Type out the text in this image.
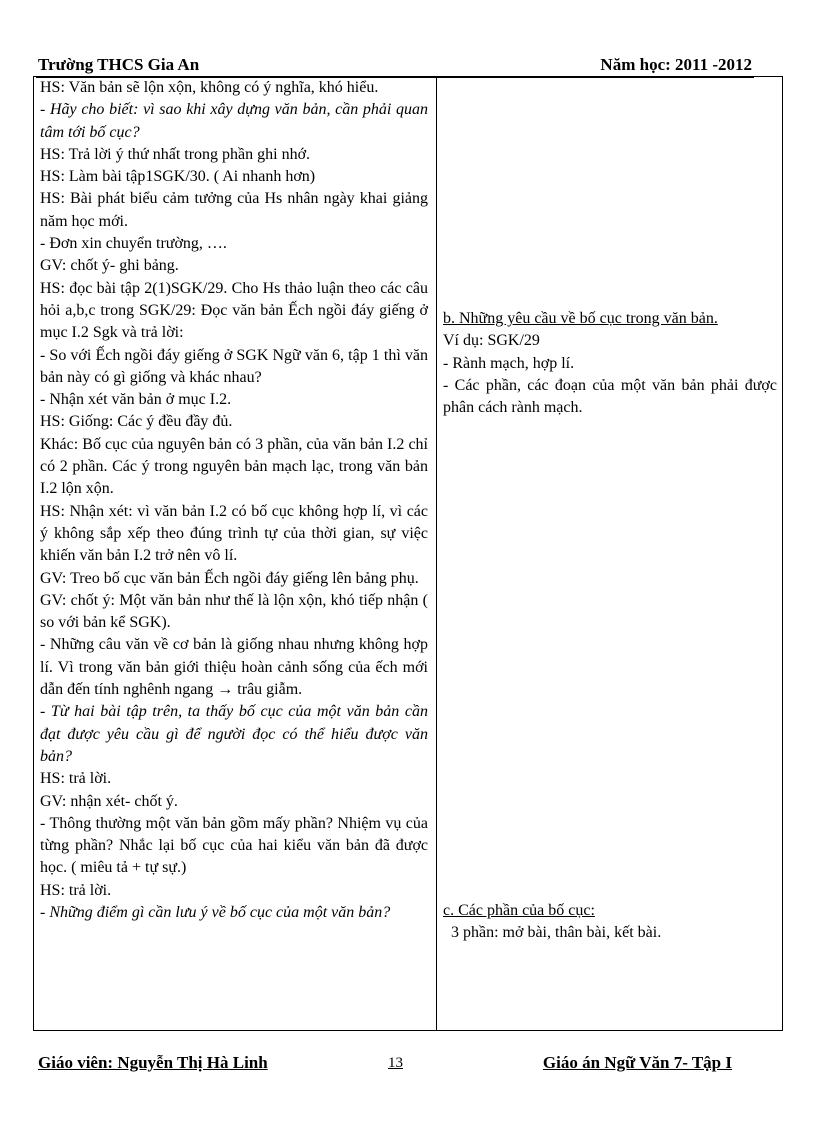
Trường THCS Gia An	Năm học: 2011 -2012
HS: Văn bản sẽ lộn xộn, không có ý nghĩa, khó hiểu.
- Hãy cho biết: vì sao khi xây dựng văn bản, cần phải quan tâm tới bố cục?
HS: Trả lời ý thứ nhất trong phần ghi nhớ.
HS: Làm bài tập1SGK/30. ( Ai nhanh hơn)
HS: Bài phát biểu cảm tưởng của Hs nhân ngày khai giảng năm học mới.
- Đơn xin chuyển trường, ….
GV: chốt ý- ghi bảng.
HS: đọc bài tập 2(1)SGK/29. Cho Hs thảo luận theo các câu hỏi a,b,c trong SGK/29: Đọc văn bản Ếch ngồi đáy giếng ở mục I.2 Sgk và trả lời:
- So với Ếch ngồi đáy giếng ở SGK Ngữ văn 6, tập 1 thì văn bản này có gì giống và khác nhau?
- Nhận xét văn bản ở mục I.2.
HS: Giống: Các ý đều đầy đủ.
Khác: Bố cục của nguyên bản có 3 phần, của văn bản I.2 chỉ có 2 phần. Các ý trong nguyên bản mạch lạc, trong văn bản I.2 lộn xộn.
HS: Nhận xét: vì văn bản I.2 có bố cục không hợp lí, vì các ý không sắp xếp theo đúng trình tự của thời gian, sự việc khiến văn bản I.2 trở nên vô lí.
GV: Treo bố cục văn bản Ếch ngồi đáy giếng lên bảng phụ.
GV: chốt ý: Một văn bản như thế là lộn xộn, khó tiếp nhận ( so với bản kể SGK).
- Những câu văn về cơ bản là giống nhau nhưng không hợp lí. Vì trong văn bản giới thiệu hoàn cảnh sống của ếch mới dẫn đến tính nghênh ngang → trâu giẫm.
- Từ hai bài tập trên, ta thấy bố cục của một văn bản cần đạt được yêu cầu gì để người đọc có thể hiểu được văn bản?
HS: trả lời.
GV: nhận xét- chốt ý.
- Thông thường một văn bản gồm mấy phần? Nhiệm vụ của từng phần? Nhắc lại bố cục của hai kiểu văn bản đã được học. ( miêu tả + tự sự.)
HS: trả lời.
- Những điểm gì cần lưu ý về bố cục của một văn bản?
b. Những yêu cầu về bố cục trong văn bản.
Ví dụ: SGK/29
- Rành mạch, hợp lí.
- Các phần, các đoạn của một văn bản phải được phân cách rành mạch.
c. Các phần của bố cục:
3 phần: mở bài, thân bài, kết bài.
Giáo viên: Nguyễn Thị Hà Linh	13	Giáo án Ngữ Văn 7- Tập I
